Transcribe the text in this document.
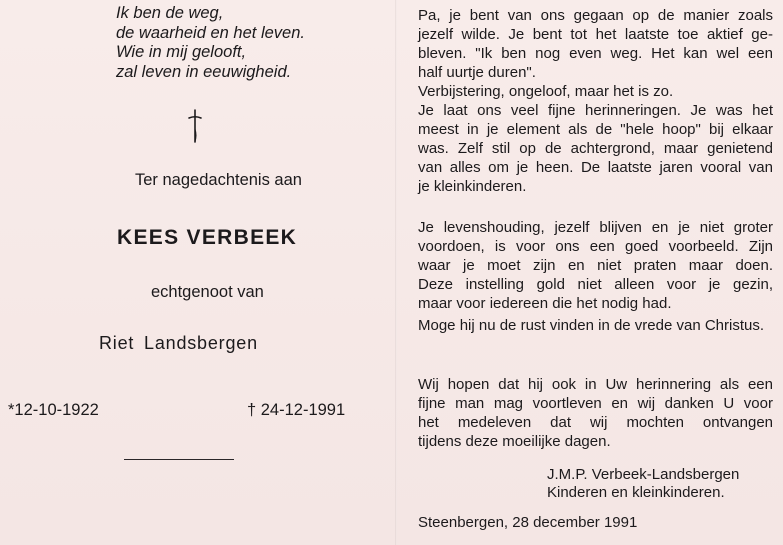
Ik ben de weg,
de waarheid en het leven.
Wie in mij gelooft,
zal leven in eeuwigheid.
Ter nagedachtenis aan
KEES VERBEEK
echtgenoot van
Riet Landsbergen
*12-10-1922	† 24-12-1991
Pa, je bent van ons gegaan op de manier zoals
jezelf wilde. Je bent tot het laatste toe aktief ge-
bleven. "Ik ben nog even weg. Het kan wel een
half uurtje duren".
Verbijstering, ongeloof, maar het is zo.
Je laat ons veel fijne herinneringen. Je was het
meest in je element als de "hele hoop" bij elkaar
was. Zelf stil op de achtergrond, maar genietend
van alles om je heen. De laatste jaren vooral van
je kleinkinderen.
Je levenshouding, jezelf blijven en je niet groter
voordoen, is voor ons een goed voorbeeld. Zijn
waar je moet zijn en niet praten maar doen.
Deze instelling gold niet alleen voor je gezin,
maar voor iedereen die het nodig had.
Moge hij nu de rust vinden in de vrede van Christus.
Wij hopen dat hij ook in Uw herinnering als een
fijne man mag voortleven en wij danken U voor
het medeleven dat wij mochten ontvangen
tijdens deze moeilijke dagen.
J.M.P. Verbeek-Landsbergen
Kinderen en kleinkinderen.
Steenbergen, 28 december 1991
